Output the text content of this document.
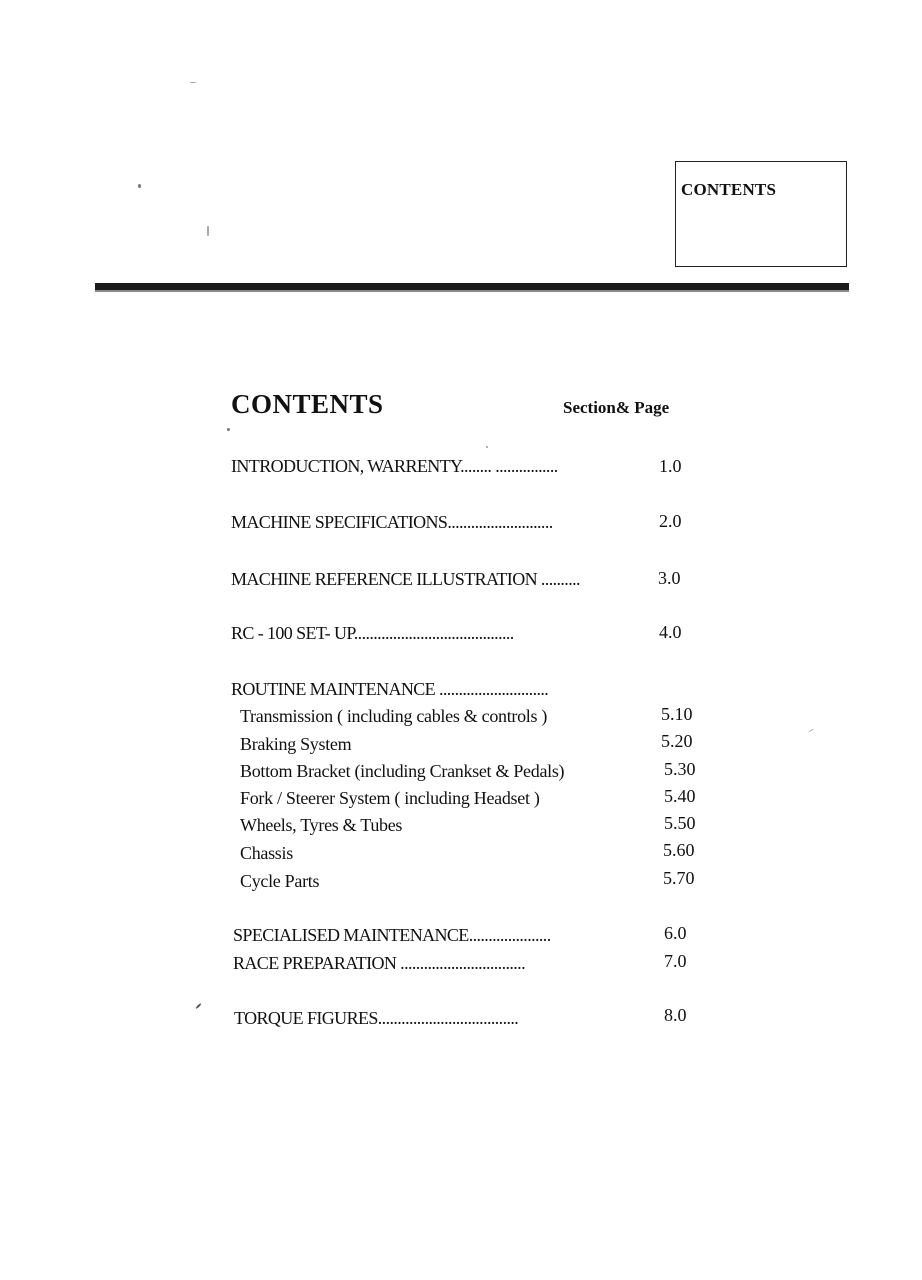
CONTENTS
CONTENTS	Section& Page
INTRODUCTION, WARRENTY........ ................	1.0
MACHINE SPECIFICATIONS...........................	2.0
MACHINE REFERENCE ILLUSTRATION ..........	3.0
RC - 100 SET- UP.........................................	4.0
ROUTINE MAINTENANCE ............................
Transmission ( including cables & controls )	5.10
Braking System	5.20
Bottom Bracket (including Crankset & Pedals)	5.30
Fork / Steerer System ( including Headset )	5.40
Wheels, Tyres & Tubes	5.50
Chassis	5.60
Cycle Parts	5.70
SPECIALISED MAINTENANCE.....................	6.0
RACE PREPARATION ................................	7.0
TORQUE FIGURES....................................	8.0
